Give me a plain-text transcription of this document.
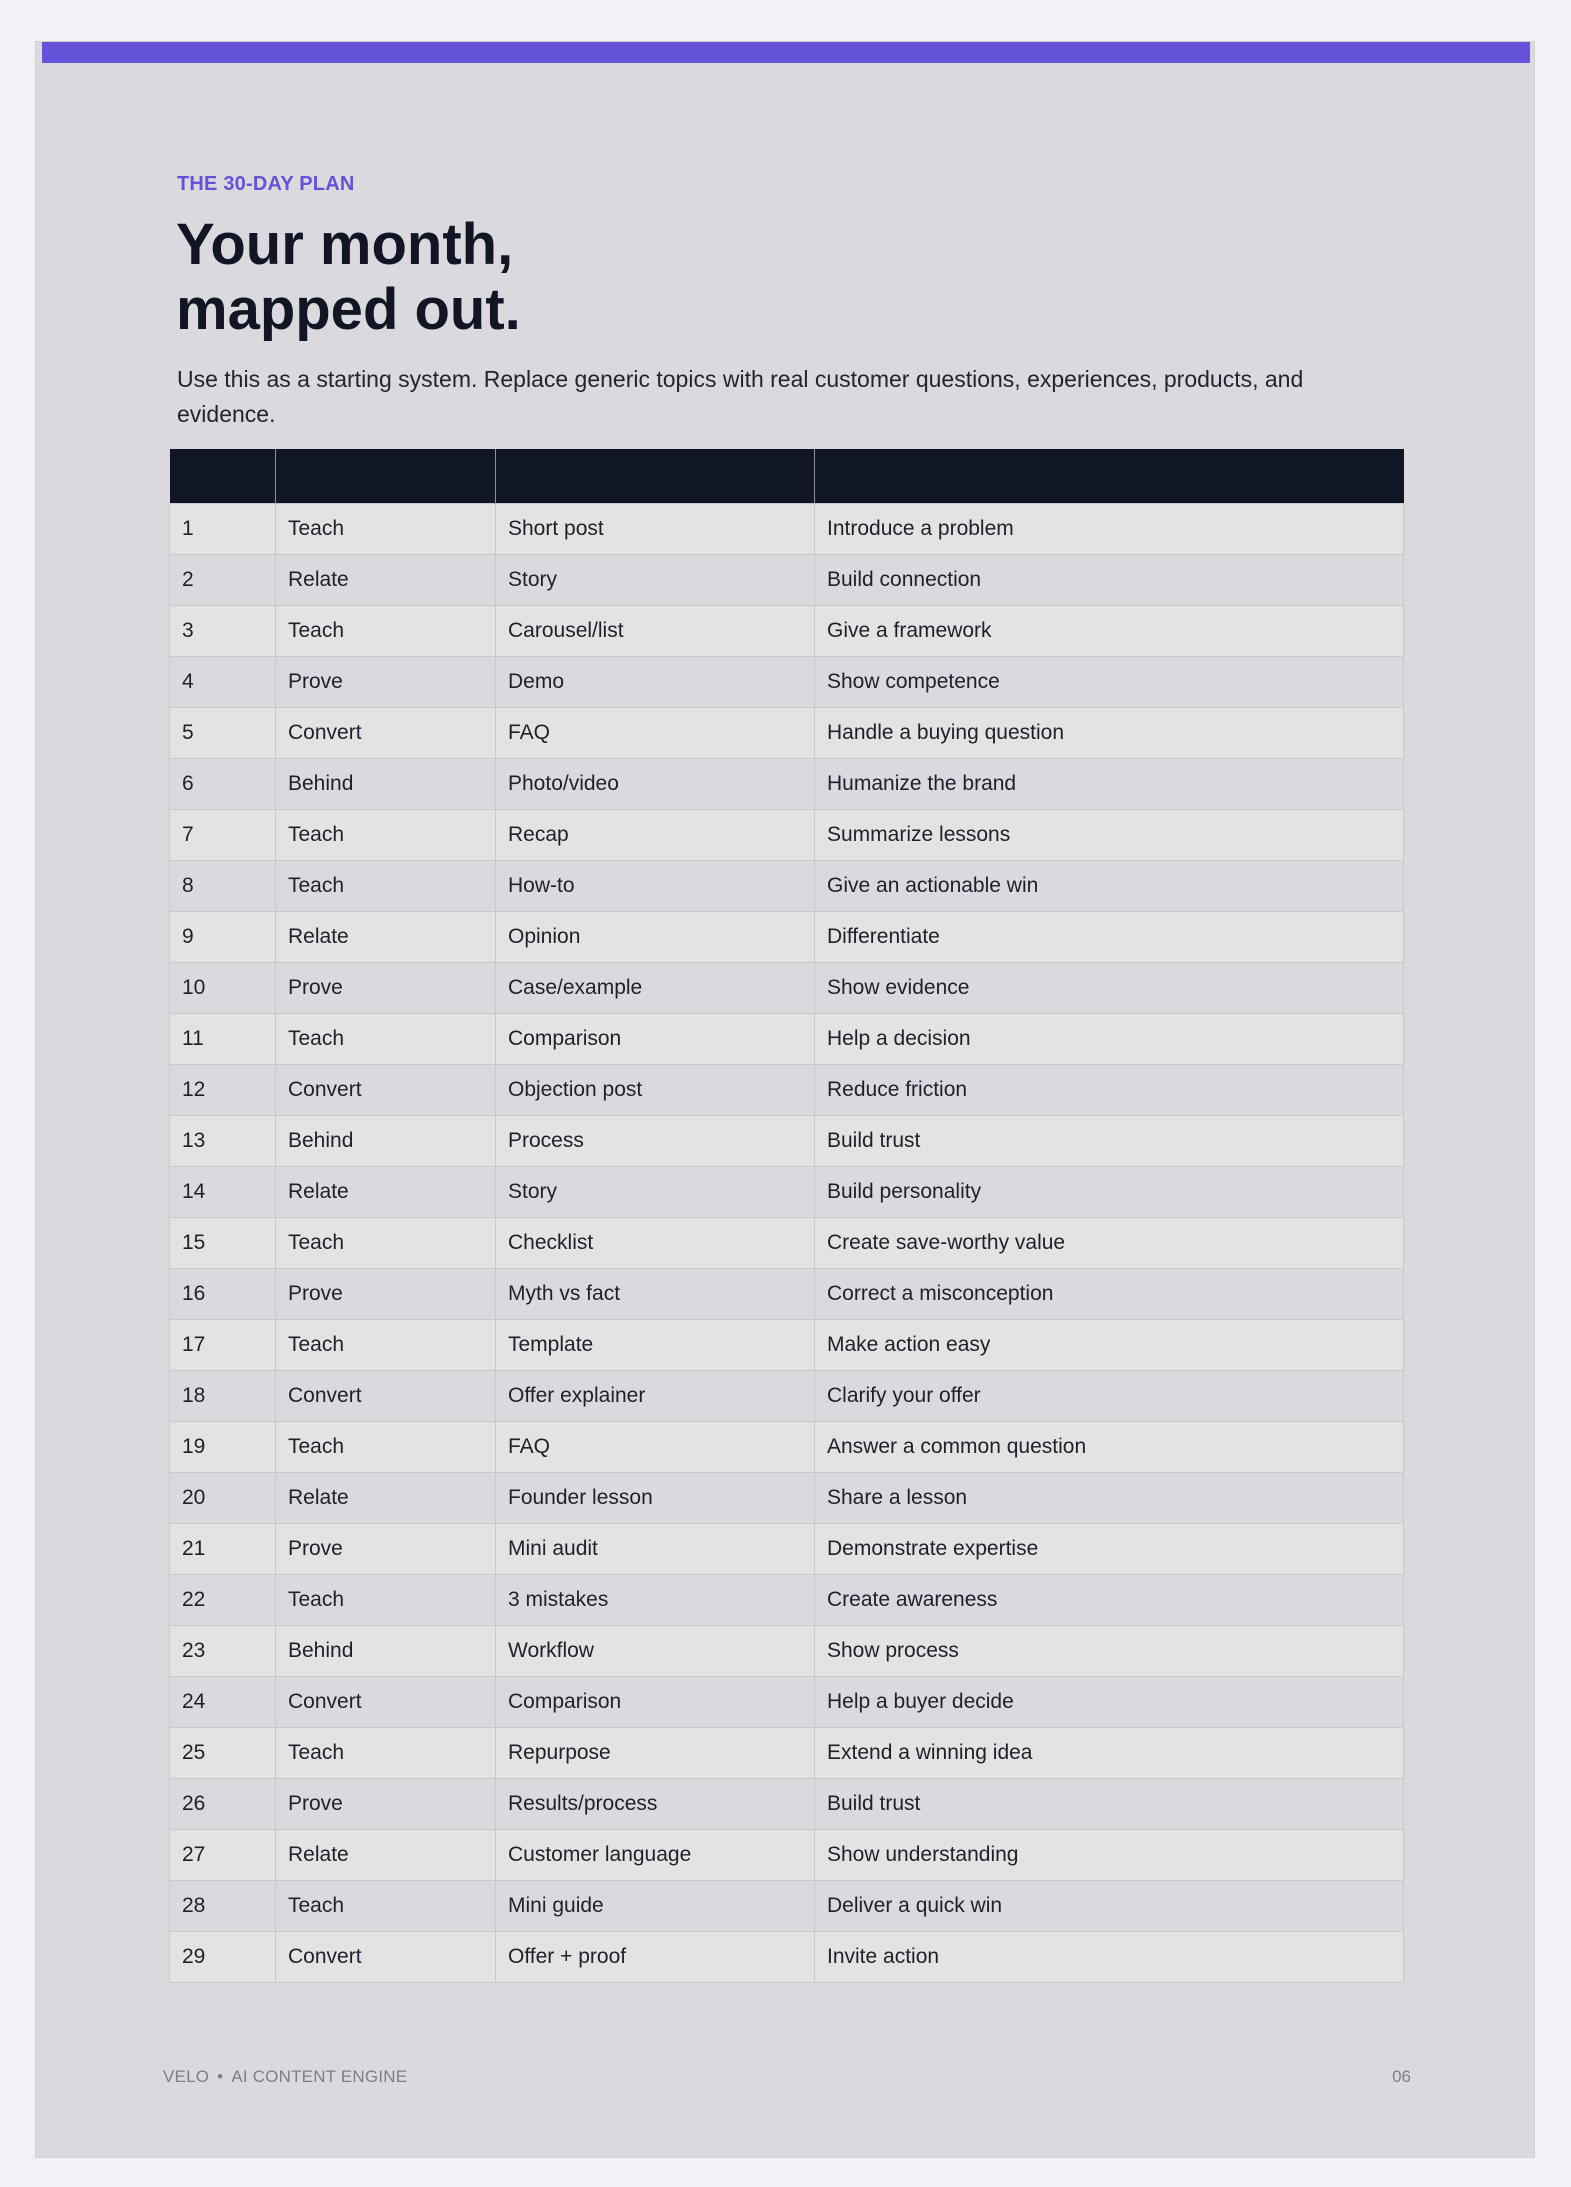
THE 30-DAY PLAN

Your month,
mapped out.

Use this as a starting system. Replace generic topics with real customer questions, experiences, products, and evidence.

1	Teach	Short post	Introduce a problem
2	Relate	Story	Build connection
3	Teach	Carousel/list	Give a framework
4	Prove	Demo	Show competence
5	Convert	FAQ	Handle a buying question
6	Behind	Photo/video	Humanize the brand
7	Teach	Recap	Summarize lessons
8	Teach	How-to	Give an actionable win
9	Relate	Opinion	Differentiate
10	Prove	Case/example	Show evidence
11	Teach	Comparison	Help a decision
12	Convert	Objection post	Reduce friction
13	Behind	Process	Build trust
14	Relate	Story	Build personality
15	Teach	Checklist	Create save-worthy value
16	Prove	Myth vs fact	Correct a misconception
17	Teach	Template	Make action easy
18	Convert	Offer explainer	Clarify your offer
19	Teach	FAQ	Answer a common question
20	Relate	Founder lesson	Share a lesson
21	Prove	Mini audit	Demonstrate expertise
22	Teach	3 mistakes	Create awareness
23	Behind	Workflow	Show process
24	Convert	Comparison	Help a buyer decide
25	Teach	Repurpose	Extend a winning idea
26	Prove	Results/process	Build trust
27	Relate	Customer language	Show understanding
28	Teach	Mini guide	Deliver a quick win
29	Convert	Offer + proof	Invite action

VELO • AI CONTENT ENGINE	06
